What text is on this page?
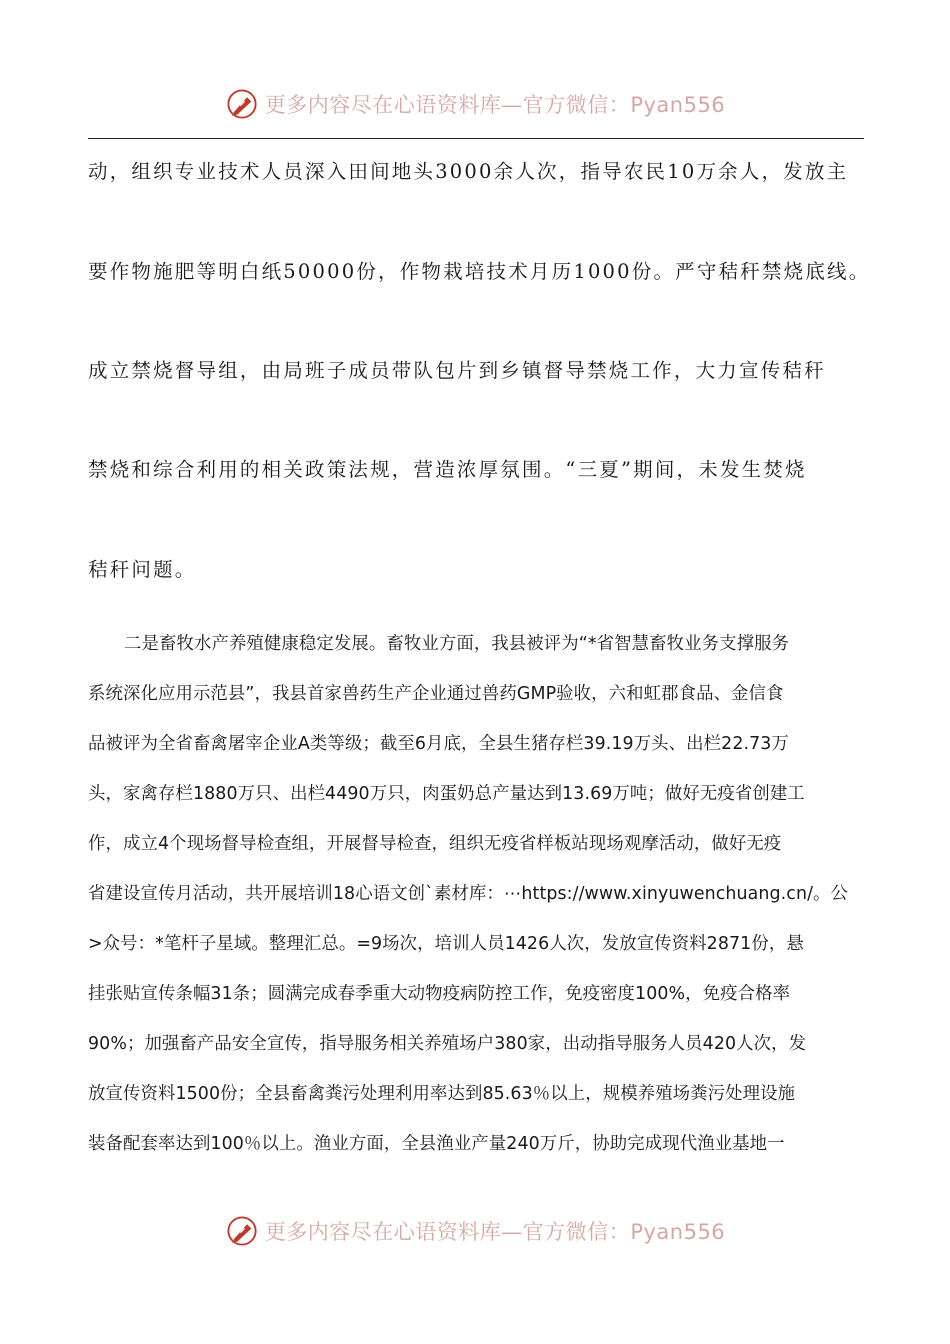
更多内容尽在心语资料库—官方微信：Pyan556

动，组织专业技术人员深入田间地头3000余人次，指导农民10万余人，发放主

要作物施肥等明白纸50000份，作物栽培技术月历1000份。严守秸秆禁烧底线。

成立禁烧督导组，由局班子成员带队包片到乡镇督导禁烧工作，大力宣传秸秆

禁烧和综合利用的相关政策法规，营造浓厚氛围。“三夏”期间，未发生焚烧

秸秆问题。

二是畜牧水产养殖健康稳定发展。畜牧业方面，我县被评为“*省智慧畜牧业务支撑服务

系统深化应用示范县”，我县首家兽药生产企业通过兽药GMP验收，六和虹郡食品、金信食

品被评为全省畜禽屠宰企业A类等级；截至6月底，全县生猪存栏39.19万头、出栏22.73万

头，家禽存栏1880万只、出栏4490万只，肉蛋奶总产量达到13.69万吨；做好无疫省创建工

作，成立4个现场督导检查组，开展督导检查，组织无疫省样板站现场观摩活动，做好无疫

省建设宣传月活动，共开展培训18心语文创`素材库：⋯https://www.xinyuwenchuang.cn/。公

>众号：*笔杆子星域。整理汇总。=9场次，培训人员1426人次，发放宣传资料2871份，悬

挂张贴宣传条幅31条；圆满完成春季重大动物疫病防控工作，免疫密度100%，免疫合格率

90%；加强畜产品安全宣传，指导服务相关养殖场户380家，出动指导服务人员420人次，发

放宣传资料1500份；全县畜禽粪污处理利用率达到85.63％以上，规模养殖场粪污处理设施

装备配套率达到100％以上。渔业方面，全县渔业产量240万斤，协助完成现代渔业基地一

更多内容尽在心语资料库—官方微信：Pyan556
